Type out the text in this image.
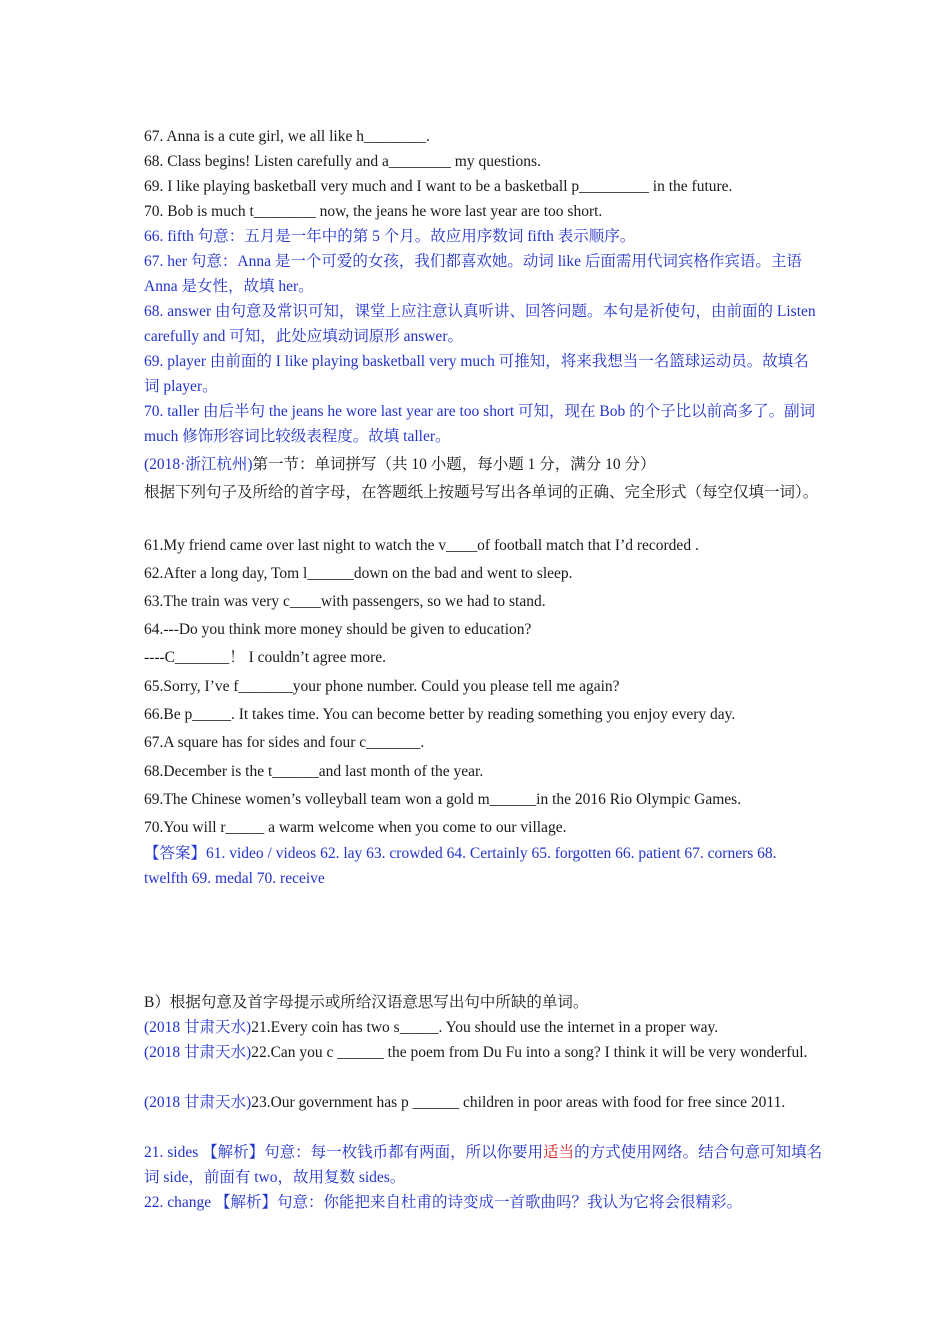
67. Anna is a cute girl, we all like h________.
68. Class begins! Listen carefully and a________ my questions.
69. I like playing basketball very much and I want to be a basketball p_________ in the future.
70. Bob is much t________ now, the jeans he wore last year are too short.
66. fifth 句意：五月是一年中的第 5 个月。故应用序数词 fifth 表示顺序。
67. her 句意：Anna 是一个可爱的女孩，我们都喜欢她。动词 like 后面需用代词宾格作宾语。主语 Anna 是女性，故填 her。
68. answer 由句意及常识可知，课堂上应注意认真听讲、回答问题。本句是祈使句，由前面的 Listen carefully and 可知，此处应填动词原形 answer。
69. player 由前面的 I like playing basketball very much 可推知，将来我想当一名篮球运动员。故填名词 player。
70. taller 由后半句 the jeans he wore last year are too short 可知，现在 Bob 的个子比以前高多了。副词 much 修饰形容词比较级表程度。故填 taller。
(2018·浙江杭州)第一节：单词拼写（共 10 小题，每小题 1 分，满分 10 分）
根据下列句子及所给的首字母，在答题纸上按题号写出各单词的正确、完全形式（每空仅填一词）。
61.My friend came over last night to watch the v____of football match that I’d recorded .
62.After a long day, Tom l______down on the bad and went to sleep.
63.The train was very c____with passengers, so we had to stand.
64.---Do you think more money should be given to education?
----C_______！ I couldn’t agree more.
65.Sorry, I’ve f_______your phone number. Could you please tell me again?
66.Be p_____. It takes time. You can become better by reading something you enjoy every day.
67.A square has for sides and four c_______.
68.December is the t______and last month of the year.
69.The Chinese women’s volleyball team won a gold m______in the 2016 Rio Olympic Games.
70.You will r_____ a warm welcome when you come to our village.
【答案】61. video / videos 62. lay 63. crowded 64. Certainly 65. forgotten 66. patient 67. corners 68. twelfth 69. medal 70. receive
B）根据句意及首字母提示或所给汉语意思写出句中所缺的单词。
(2018 甘肃天水)21.Every coin has two s_____. You should use the internet in a proper way.
(2018 甘肃天水)22.Can you c ______ the poem from Du Fu into a song? I think it will be very wonderful.
(2018 甘肃天水)23.Our government has p ______ children in poor areas with food for free since 2011.
21. sides 【解析】句意：每一枚钱币都有两面，所以你要用适当的方式使用网络。结合句意可知填名词 side，前面有 two，故用复数 sides。
22. change 【解析】句意：你能把来自杜甫的诗变成一首歌曲吗？我认为它将会很精彩。
